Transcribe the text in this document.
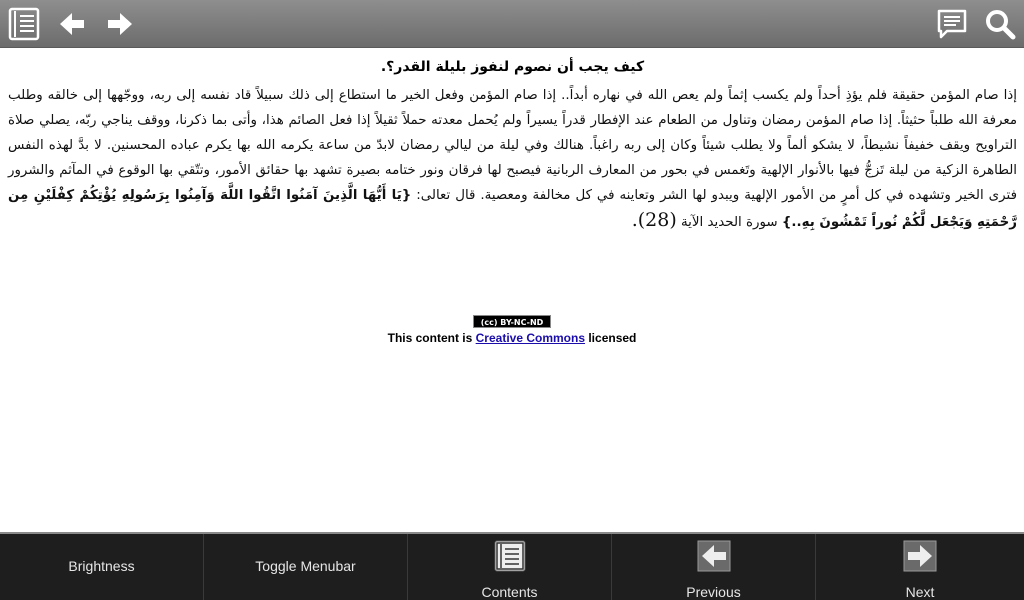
كيف يجب أن نصوم لنفوز بليلة القدر؟.

إذا صام المؤمن حقيقة فلم يؤذِ أحداً ولم يكسب إثماً ولم يعص الله في نهاره أبداً.. إذا صام المؤمن وفعل الخير ما استطاع إلى ذلك سبيلاً قاد نفسه إلى ربه، ووجّهها إلى خالقه وطلب معرفة الله طلباً حثيثاً. إذا صام المؤمن رمضان وتناول من الطعام عند الإفطار قدراً يسيراً ولم يُحمل معدته حملاً ثقيلاً إذا فعل الصائم هذا، وأتى بما ذكرنا، ووقف يناجي ربّه، يصلي صلاة التراويح ويقف خفيفاً نشيطاً، لا يشكو ألماً ولا يطلب شيئاً وكان إلى ربه راغباً. هنالك وفي ليلة من ليالي رمضان لابدّ من ساعة يكرمه الله بها يكرم عباده المحسنين. لا بدَّ لهذه النفس الطاهرة الزكية من ليلة تَزجُّ فيها بالأنوار الإلهية وتَغمس في بحور من المعارف الربانية فيصبح لها فرقان ونور ختامه بصيرة تشهد بها حقائق الأمور، وتتّقي بها الوقوع في المآثم والشرور فترى الخير وتشهده في كل أمرٍ من الأمور الإلهية ويبدو لها الشر وتعاينه في كل مخالفة ومعصية. قال تعالى: {يَا أَيُّهَا الَّذِينَ آمَنُوا اتَّقُوا اللَّهَ وَآمِنُوا بِرَسُولِهِ يُؤْتِكُمْ كِفْلَيْنِ مِن رَّحْمَتِهِ وَيَجْعَل لَّكُمْ نُوراً تَمْشُونَ بِهِ..} سورة الحديد الآية (28).

(cc) BY-NC-ND
This content is Creative Commons licensed
Brightness	Toggle Menubar
Contents	Previous	Next
